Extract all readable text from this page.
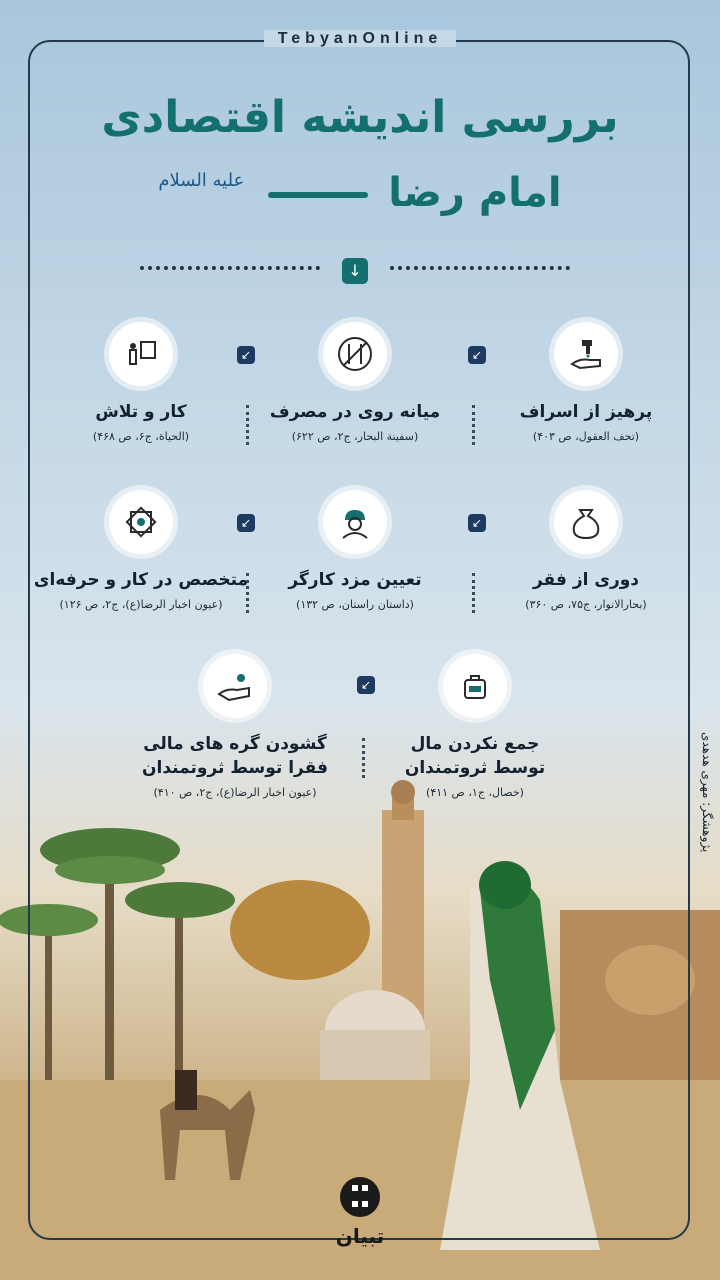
TebyanOnline
بررسی اندیشه اقتصادی
امام رضا  $^{علیه السلام}$
↓
پرهیز از اسراف
(تحف العقول، ص ۴۰۳)
↙
میانه روی در مصرف
(سفینة البحار، ج۲، ص ۶۲۲)
↙
کار و تلاش
(الحیاة، ج۶، ص ۴۶۸)
دوری از فقر
(بحارالانوار، ج۷۵، ص ۳۶۰)
↙
تعیین مزد کارگر
(داستان راستان، ص ۱۳۲)
↙
متخصص در کار و حرفه‌ای
(عیون اخبار الرضا(ع)، ج۲، ص ۱۲۶)
جمع نکردن مال
توسط ثروتمندان
(خصال، ج۱، ص ۴۱۱)
↙
گشودن گره های مالی
فقرا توسط ثروتمندان
(عیون اخبار الرضا(ع)، ج۲، ص ۴۱۰)	پژوهشگر: مهری هدهدی
تبیان
